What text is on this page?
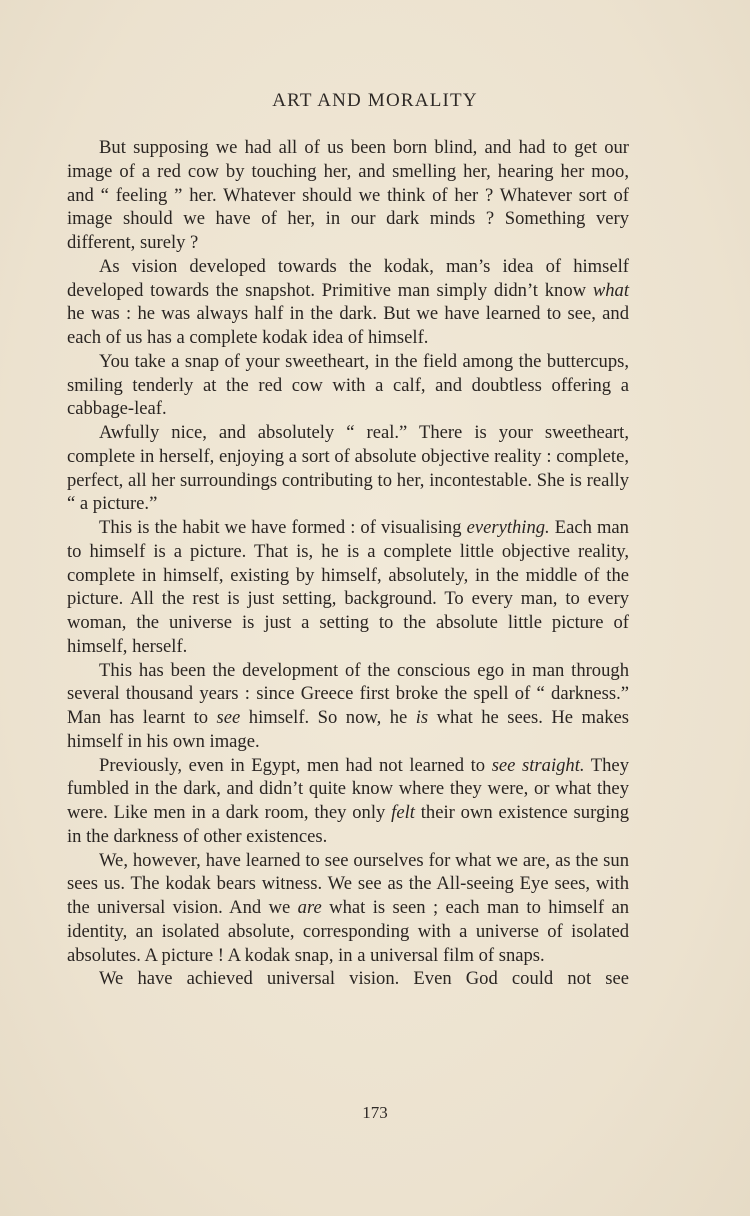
ART AND MORALITY

But supposing we had all of us been born blind, and had to get our image of a red cow by touching her, and smelling her, hearing her moo, and “ feeling ” her. Whatever should we think of her ? Whatever sort of image should we have of her, in our dark minds ? Something very different, surely ?

As vision developed towards the kodak, man’s idea of himself developed towards the snapshot. Primitive man simply didn’t know what he was : he was always half in the dark. But we have learned to see, and each of us has a complete kodak idea of himself.

You take a snap of your sweetheart, in the field among the buttercups, smiling tenderly at the red cow with a calf, and doubtless offering a cabbage-leaf.

Awfully nice, and absolutely “ real.” There is your sweetheart, complete in herself, enjoying a sort of absolute objective reality : complete, perfect, all her surroundings contributing to her, incontestable. She is really “ a picture.”

This is the habit we have formed : of visualising everything. Each man to himself is a picture. That is, he is a complete little objective reality, complete in himself, existing by himself, absolutely, in the middle of the picture. All the rest is just setting, background. To every man, to every woman, the universe is just a setting to the absolute little picture of himself, herself.

This has been the development of the conscious ego in man through several thousand years : since Greece first broke the spell of “ darkness.” Man has learnt to see himself. So now, he is what he sees. He makes himself in his own image.

Previously, even in Egypt, men had not learned to see straight. They fumbled in the dark, and didn’t quite know where they were, or what they were. Like men in a dark room, they only felt their own existence surging in the darkness of other existences.

We, however, have learned to see ourselves for what we are, as the sun sees us. The kodak bears witness. We see as the All-seeing Eye sees, with the universal vision. And we are what is seen ; each man to himself an identity, an isolated absolute, corresponding with a universe of isolated absolutes. A picture ! A kodak snap, in a universal film of snaps.

We have achieved universal vision. Even God could not see

173
